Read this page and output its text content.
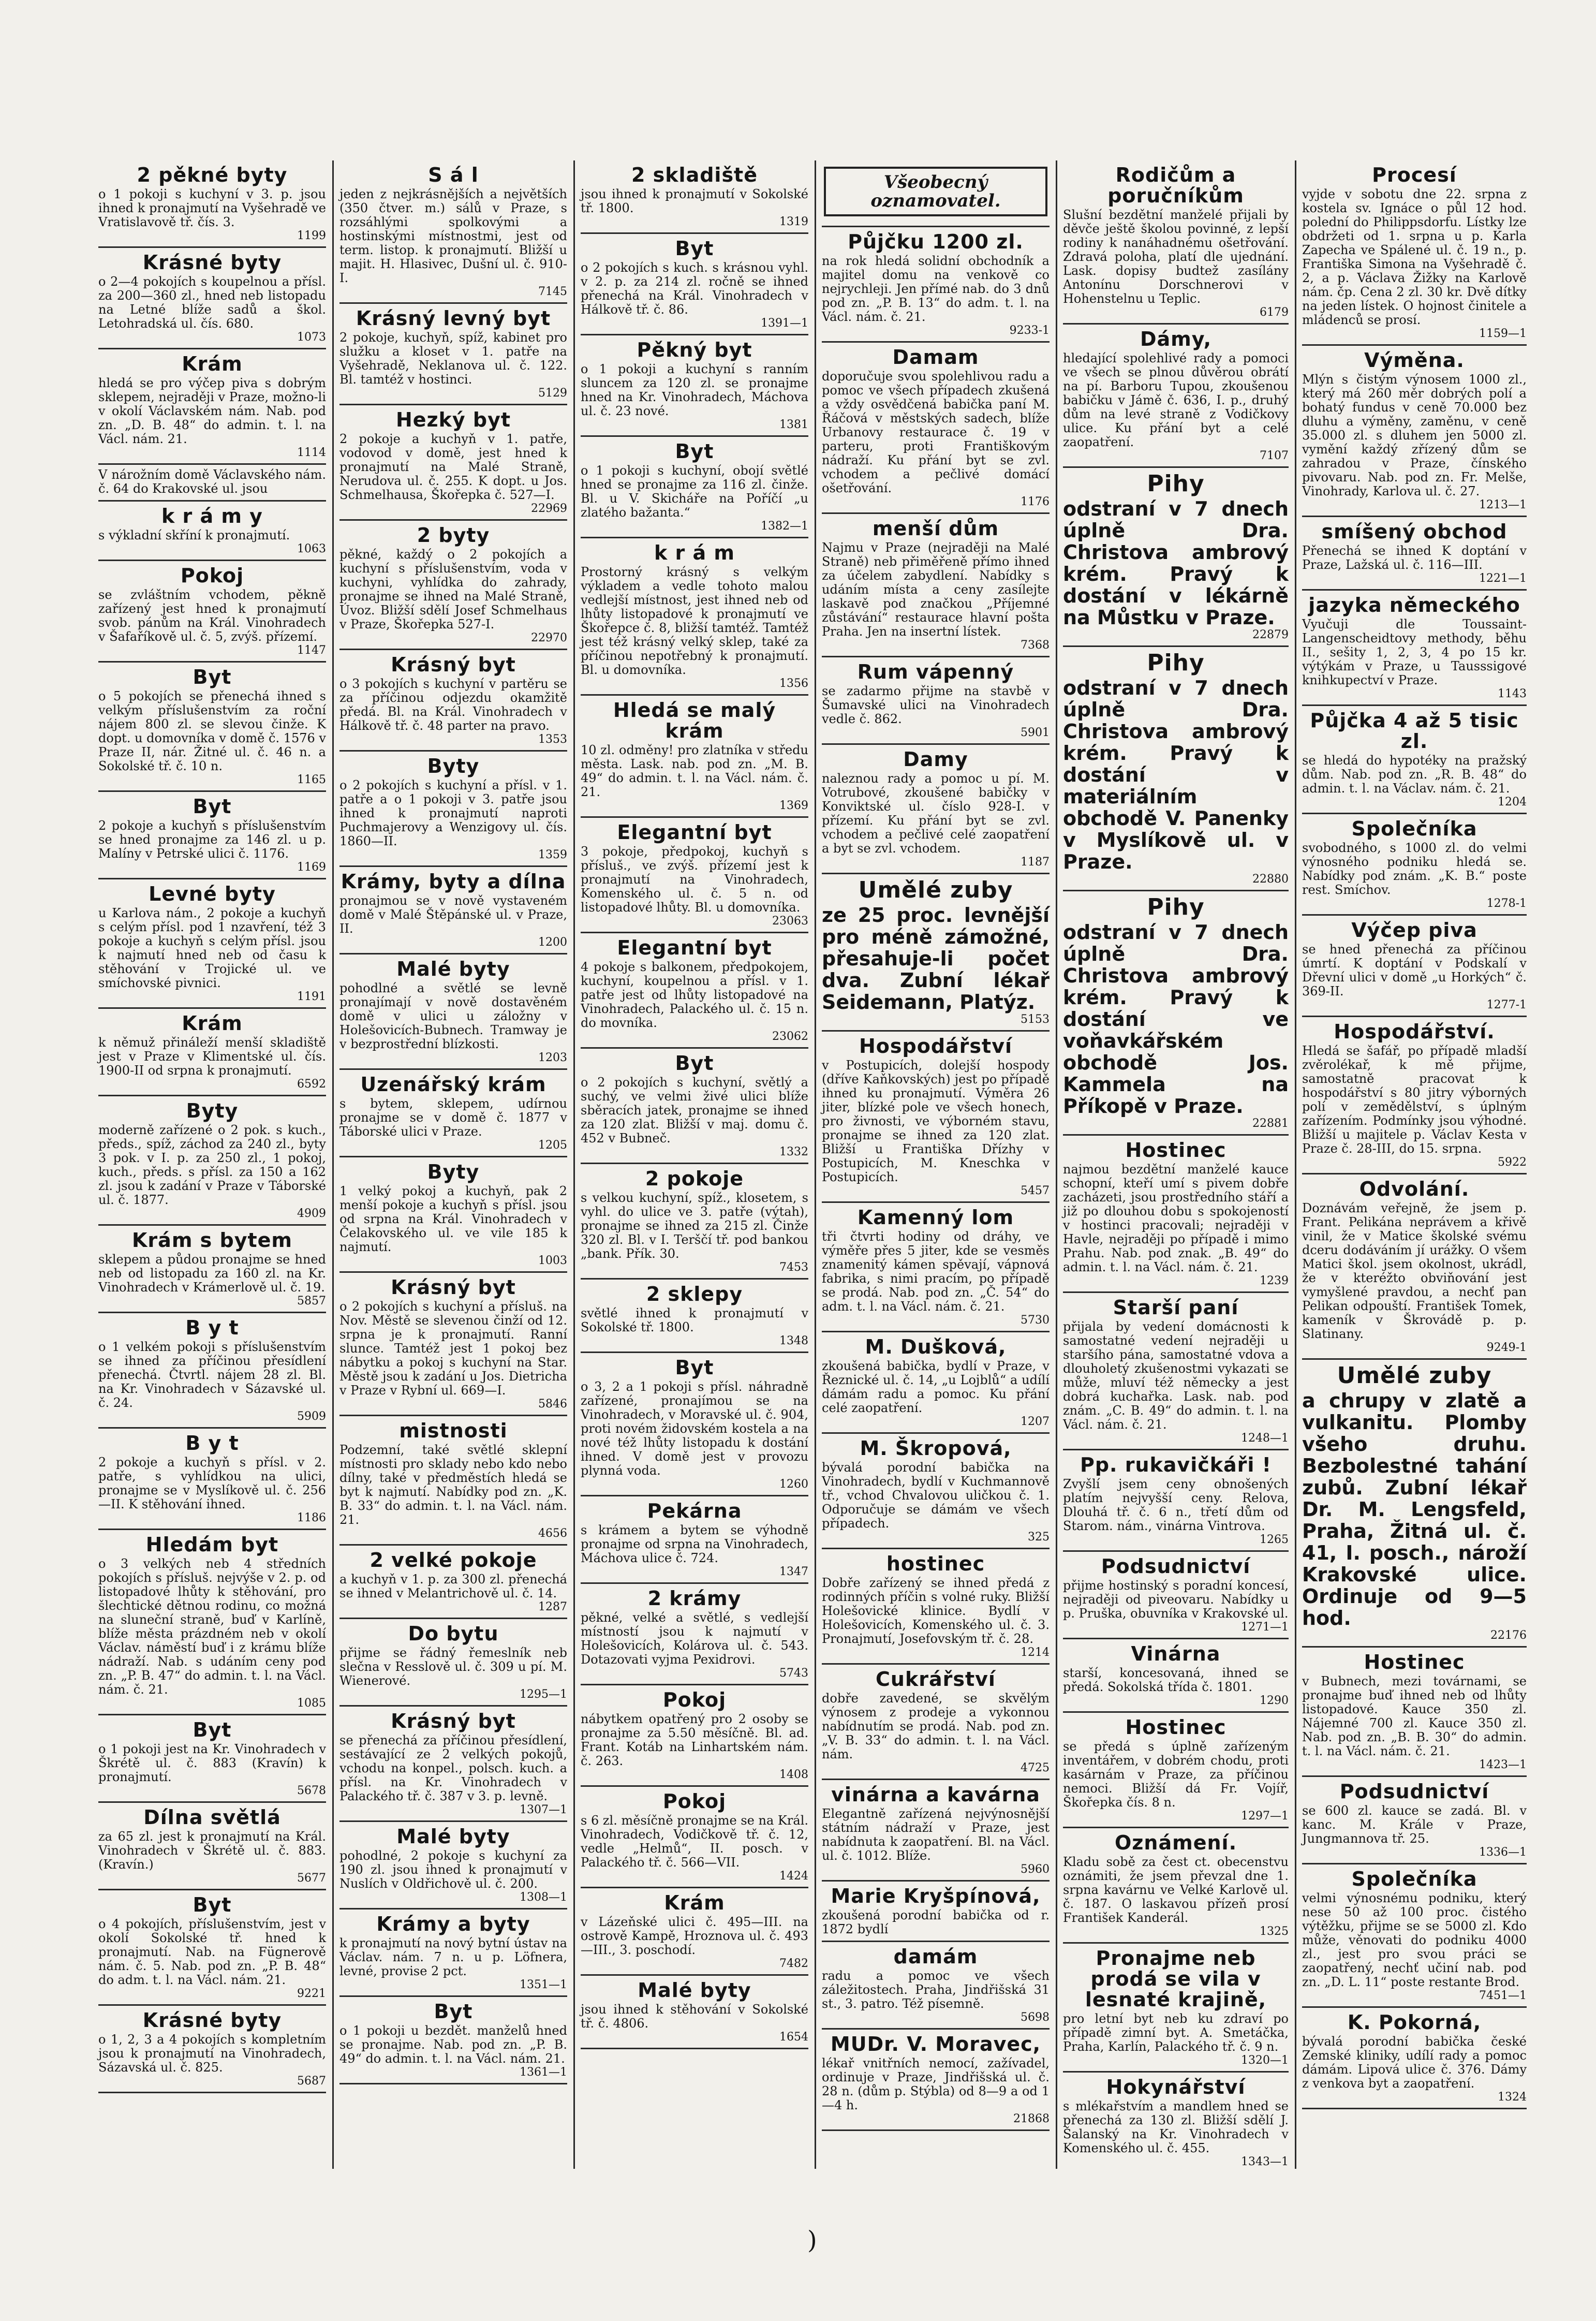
2 pěkné byty
o 1 pokoji s kuchyní v 3. p. jsou ihned k pronajmutí na Vyšehradě ve Vratislavově tř. čís. 3.
1199
Krásné byty
o 2—4 pokojích s koupelnou a přísl. za 200—360 zl., hned neb listopadu na Letné blíže sadů a škol. Letohradská ul. čís. 680.
1073
Krám
hledá se pro výčep piva s dobrým sklepem, nejraději v Praze, možno-li v okolí Václavském nám. Nab. pod zn. „D. B. 48“ do admin. t. l. na Václ. nám. 21.
1114
V nárožním domě Václavského nám. č. 64 do Krakovské ul. jsou
k r á m y
s výkladní skříní k pronajmutí.
1063
Pokoj
se zvláštním vchodem, pěkně zařízený jest hned k pronajmutí svob. pánům na Král. Vinohradech v Šafaříkově ul. č. 5, zvýš. přízemí.
1147
Byt
o 5 pokojích se přenechá ihned s velkým příslušenstvím za roční nájem 800 zl. se slevou činže. K dopt. u domovníka v domě č. 1576 v Praze II, nár. Žitné ul. č. 46 n. a Sokolské tř. č. 10 n.
1165
Byt
2 pokoje a kuchyň s příslušenstvím se hned pronajme za 146 zl. u p. Malíny v Petrské ulici č. 1176.
1169
Levné byty
u Karlova nám., 2 pokoje a kuchyň s celým přísl. pod 1 nzavření, též 3 pokoje a kuchyň s celým přísl. jsou k najmutí hned neb od času k stěhování v Trojické ul. ve smíchovské pivnici.
1191
Krám
k němuž přináleží menší skladiště jest v Praze v Klimentské ul. čís. 1900-II od srpna k pronajmutí.
6592
Byty
moderně zařízené o 2 pok. s kuch., předs., spíž, záchod za 240 zl., byty 3 pok. v I. p. za 250 zl., 1 pokoj, kuch., předs. s přísl. za 150 a 162 zl. jsou k zadání v Praze v Táborské ul. č. 1877.
4909
Krám s bytem
sklepem a půdou pronajme se hned neb od listopadu za 160 zl. na Kr. Vinohradech v Krámerlově ul. č. 19.
5857
B y t
o 1 velkém pokoji s příslušenstvím se ihned za příčinou přesídlení přenechá. Čtvrtl. nájem 28 zl. Bl. na Kr. Vinohradech v Sázavské ul. č. 24.
5909
B y t
2 pokoje a kuchyň s přísl. v 2. patře, s vyhlídkou na ulici, pronajme se v Myslíkově ul. č. 256—II. K stěhování ihned.
1186
Hledám byt
o 3 velkých neb 4 středních pokojích s přísluš. nejvýše v 2. p. od listopadové lhůty k stěhování, pro šlechtické dětnou rodinu, co možná na sluneční straně, buď v Karlíně, blíže města prázdném neb v okolí Václav. náměstí buď i z krámu blíže nádraží. Nab. s udáním ceny pod zn. „P. B. 47“ do admin. t. l. na Václ. nám. č. 21.
1085
Byt
o 1 pokoji jest na Kr. Vinohradech v Škrétě ul. č. 883 (Kravín) k pronajmutí.
5678
Dílna světlá
za 65 zl. jest k pronajmutí na Král. Vinohradech v Škrétě ul. č. 883. (Kravín.)
5677
Byt
o 4 pokojích, příslušenstvím, jest v okolí Sokolské tř. hned k pronajmutí. Nab. na Fügnerově nám. č. 5. Nab. pod zn. „P. B. 48“ do adm. t. l. na Václ. nám. 21.
9221
Krásné byty
o 1, 2, 3 a 4 pokojích s kompletním jsou k pronajmutí na Vinohradech, Sázavská ul. č. 825.
5687
S á l
jeden z nejkrásnějších a největších (350 čtver. m.) sálů v Praze, s rozsáhlými spolkovými a hostinskými místnostmi, jest od term. listop. k pronajmutí. Bližší u majit. H. Hlasivec, Dušní ul. č. 910-I.
7145
Krásný levný byt
2 pokoje, kuchyň, spíž, kabinet pro služku a kloset v 1. patře na Vyšehradě, Neklanova ul. č. 122. Bl. tamtéž v hostinci.
5129
Hezký byt
2 pokoje a kuchyň v 1. patře, vodovod v domě, jest hned k pronajmutí na Malé Straně, Nerudova ul. č. 255. K dopt. u Jos. Schmelhausa, Škořepka č. 527—I.
22969
2 byty
pěkné, každý o 2 pokojích a kuchyní s příslušenstvím, voda v kuchyni, vyhlídka do zahrady, pronajme se ihned na Malé Straně, Úvoz. Bližší sdělí Josef Schmelhaus v Praze, Škořepka 527-I.
22970
Krásný byt
o 3 pokojích s kuchyní v partěru se za příčinou odjezdu okamžitě předá. Bl. na Král. Vinohradech v Hálkově tř. č. 48 parter na pravo.
1353
Byty
o 2 pokojích s kuchyní a přísl. v 1. patře a o 1 pokoji v 3. patře jsou ihned k pronajmutí naproti Puchmajerovy a Wenzigovy ul. čís. 1860—II.
1359
Krámy, byty a dílna
pronajmou se v nově vystaveném domě v Malé Štěpánské ul. v Praze, II.
1200
Malé byty
pohodlné a světlé se levně pronajímají v nově dostavěném domě v ulici u záložny v Holešovicích-Bubnech. Tramway je v bezprostřední blízkosti.
1203
Uzenářský krám
s bytem, sklepem, udírnou pronajme se v domě č. 1877 v Táborské ulici v Praze.
1205
Byty
1 velký pokoj a kuchyň, pak 2 menší pokoje a kuchyň s přísl. jsou od srpna na Král. Vinohradech v Čelakovského ul. ve vile 185 k najmutí.
1003
Krásný byt
o 2 pokojích s kuchyní a přísluš. na Nov. Městě se slevenou činží od 12. srpna je k pronajmutí. Ranní slunce. Tamtéž jest 1 pokoj bez nábytku a pokoj s kuchyní na Star. Městě jsou k zadání u Jos. Dietricha v Praze v Rybní ul. 669—I.
5846
mistnosti
Podzemní, také světlé sklepní místnosti pro sklady nebo kdo nebo dílny, také v předměstích hledá se byt k najmutí. Nabídky pod zn. „K. B. 33“ do admin. t. l. na Václ. nám. 21.
4656
2 velké pokoje
a kuchyň v 1. p. za 300 zl. přenechá se ihned v Melantrichově ul. č. 14.
1287
Do bytu
přijme se řádný řemeslník neb slečna v Resslově ul. č. 309 u pí. M. Wienerové.
1295—1
Krásný byt
se přenechá za příčinou přesídlení, sestávající ze 2 velkých pokojů, vchodu na konpel., polsch. kuch. a přísl. na Kr. Vinohradech v Palackého tř. č. 387 v 3. p. levně.
1307—1
Malé byty
pohodlné, 2 pokoje s kuchyní za 190 zl. jsou ihned k pronajmutí v Nuslích v Oldřichově ul. č. 200.
1308—1
Krámy a byty
k pronajmutí na nový bytní ústav na Václav. nám. 7 n. u p. Löfnera, levné, provise 2 pct.
1351—1
Byt
o 1 pokoji u bezdět. manželů hned se pronajme. Nab. pod zn. „P. B. 49“ do admin. t. l. na Václ. nám. 21.
1361—1
2 skladiště
jsou ihned k pronajmutí v Sokolské tř. 1800.
1319
Byt
o 2 pokojích s kuch. s krásnou vyhl. v 2. p. za 214 zl. ročně se ihned přenechá na Král. Vinohradech v Hálkově tř. č. 86.
1391—1
Pěkný byt
o 1 pokoji a kuchyní s ranním sluncem za 120 zl. se pronajme hned na Kr. Vinohradech, Máchova ul. č. 23 nové.
1381
Byt
o 1 pokoji s kuchyní, obojí světlé hned se pronajme za 116 zl. činže. Bl. u V. Skicháře na Poříčí „u zlatého bažanta.“
1382—1
k r á m
Prostorný krásný s velkým výkladem a vedle tohoto malou vedlejší místnost, jest ihned neb od lhůty listopadové k pronajmutí ve Škořepce č. 8, bližší tamtéž. Tamtéž jest též krásný velký sklep, také za příčinou nepotřebný k pronajmutí. Bl. u domovníka.
1356
Hledá se malý krám
10 zl. odměny! pro zlatníka v středu města. Lask. nab. pod zn. „M. B. 49“ do admin. t. l. na Václ. nám. č. 21.
1369
Elegantní byt
3 pokoje, předpokoj, kuchyň s přísluš., ve zvýš. přízemí jest k pronajmutí na Vinohradech, Komenského ul. č. 5 n. od listopadové lhůty. Bl. u domovníka.
23063
Elegantní byt
4 pokoje s balkonem, předpokojem, kuchyní, koupelnou a přísl. v 1. patře jest od lhůty listopadové na Vinohradech, Palackého ul. č. 15 n. do movníka.
23062
Byt
o 2 pokojích s kuchyní, světlý a suchý, ve velmi živé ulici blíže sběracích jatek, pronajme se ihned za 120 zlat. Bližší v maj. domu č. 452 v Bubneč.
1332
2 pokoje
s velkou kuchyní, spíž., klosetem, s vyhl. do ulice ve 3. patře (výtah), pronajme se ihned za 215 zl. Činže 320 zl. Bl. v I. Terščí tř. pod bankou „bank. Přík. 30.
7453
2 sklepy
světlé ihned k pronajmutí v Sokolské tř. 1800.
1348
Byt
o 3, 2 a 1 pokoji s přísl. náhradně zařízené, pronajímou se na Vinohradech, v Moravské ul. č. 904, proti novém židovském kostela a na nové též lhůty listopadu k dostání ihned. V domě jest v provozu plynná voda.
1260
Pekárna
s krámem a bytem se výhodně pronajme od srpna na Vinohradech, Máchova ulice č. 724.
1347
2 krámy
pěkné, velké a světlé, s vedlejší místností jsou k najmutí v Holešovicích, Kolárova ul. č. 543. Dotazovati vyjma Pexidrovi.
5743
Pokoj
nábytkem opatřený pro 2 osoby se pronajme za 5.50 měsíčně. Bl. ad. Frant. Kotáb na Linhartském nám. č. 263.
1408
Pokoj
s 6 zl. měsíčně pronajme se na Král. Vinohradech, Vodičkově tř. č. 12, vedle „Helmů“, II. posch. v Palackého tř. č. 566—VII.
1424
Krám
v Lázeňské ulici č. 495—III. na ostrově Kampě, Hroznova ul. č. 493—III., 3. poschodí.
7482
Malé byty
jsou ihned k stěhování v Sokolské tř. č. 4806.
1654
Všeobecný oznamovatel.
Půjčku 1200 zl.
na rok hledá solidní obchodník a majitel domu na venkově co nejrychleji. Jen přímé nab. do 3 dnů pod zn. „P. B. 13“ do adm. t. l. na Václ. nám. č. 21.
9233-1
Damam
doporučuje svou spolehlivou radu a pomoc ve všech případech zkušená a vždy osvědčená babička paní M. Řáčová v městských sadech, blíže Urbanovy restaurace č. 19 v parteru, proti Františkovým nádraží. Ku přání byt se zvl. vchodem a pečlivé domácí ošetřování.
1176
menší dům
Najmu v Praze (nejraději na Malé Straně) neb přiměřeně přímo ihned za účelem zabydlení. Nabídky s udáním místa a ceny zasílejte laskavě pod značkou „Příjemné zůstávání“ restaurace hlavní pošta Praha. Jen na insertní lístek.
7368
Rum vápenný
se zadarmo přijme na stavbě v Šumavské ulici na Vinohradech vedle č. 862.
5901
Damy
naleznou rady a pomoc u pí. M. Votrubové, zkoušené babičky v Konviktské ul. číslo 928-I. v přízemí. Ku přání byt se zvl. vchodem a pečlivé celé zaopatření a byt se zvl. vchodem.
1187
Umělé zuby
ze 25 proc. levnější pro méně zámožné, přesahuje-li počet dva. Zubní lékař Seidemann, Platýz.
5153
Hospodářství
v Postupicích, dolejší hospody (dříve Kaňkovských) jest po případě ihned ku pronajmutí. Výměra 26 jiter, blízké pole ve všech honech, pro živnosti, ve výborném stavu, pronajme se ihned za 120 zlat. Bližší u Františka Dřízhy v Postupicích, M. Kneschka v Postupicích.
5457
Kamenný lom
tři čtvrti hodiny od dráhy, ve výměře přes 5 jiter, kde se vesměs znamenitý kámen spěvají, vápnová fabrika, s nimi pracím, po případě se prodá. Nab. pod zn. „Č. 54“ do adm. t. l. na Václ. nám. č. 21.
5730
M. Dušková,
zkoušená babička, bydlí v Praze, v Řeznické ul. č. 14, „u Lojblů“ a udílí dámám radu a pomoc. Ku přání celé zaopatření.
1207
M. Škropová,
bývalá porodní babička na Vinohradech, bydlí v Kuchmannově tř., vchod Chvalovou uličkou č. 1. Odporučuje se dámám ve všech případech.
325
hostinec
Dobře zařízený se ihned předá z rodinných příčin s volné ruky. Bližší Holešovické klinice. Bydlí v Holešovicích, Komenského ul. č. 3. Pronajmutí, Josefovským tř. č. 28.
1214
Cukrářství
dobře zavedené, se skvělým výnosem z prodeje a vykonnou nabídnutím se prodá. Nab. pod zn. „V. B. 33“ do admin. t. l. na Václ. nám.
4725
vinárna a kavárna
Elegantně zařízená nejvýnosnější státním nádraží v Praze, jest nabídnuta k zaopatření. Bl. na Václ. ul. č. 1012. Blíže.
5960
Marie Kryšpínová,
zkoušená porodní babička od r. 1872 bydlí
damám
radu a pomoc ve všech záležitostech. Praha, Jindřišská 31 st., 3. patro. Též písemně.
5698
MUDr. V. Moravec,
lékař vnitřních nemocí, zažívadel, ordinuje v Praze, Jindřišská ul. č. 28 n. (dům p. Stýbla) od 8—9 a od 1—4 h.
21868
Rodičům a poručníkům
Slušní bezdětní manželé přijali by děvče ještě školou povinné, z lepší rodiny k nanáhadnému ošetřování. Zdravá poloha, platí dle ujednání. Lask. dopisy budtež zasílány Antonínu Dorschnerovi v Hohenstelnu u Teplic.
6179
Dámy,
hledající spolehlivé rady a pomoci ve všech se plnou důvěrou obrátí na pí. Barboru Tupou, zkoušenou babičku v Jámě č. 636, I. p., druhý dům na levé straně z Vodičkovy ulice. Ku přání byt a celé zaopatření.
7107
Pihy
odstraní v 7 dnech úplně Dra. Christova ambrový krém. Pravý k dostání v lékárně na Můstku v Praze.
22879
Pihy
odstraní v 7 dnech úplně Dra. Christova ambrový krém. Pravý k dostání v materiálním obchodě V. Panenky v Myslíkově ul. v Praze.
22880
Pihy
odstraní v 7 dnech úplně Dra. Christova ambrový krém. Pravý k dostání ve voňavkářském obchodě Jos. Kammela na Příkopě v Praze.
22881
Hostinec
najmou bezdětní manželé kauce schopní, kteří umí s pivem dobře zacházeti, jsou prostředního stáří a již po dlouhou dobu s spokojeností v hostinci pracovali; nejraději v Havle, nejraději po případě i mimo Prahu. Nab. pod znak. „B. 49“ do admin. t. l. na Václ. nám. č. 21.
1239
Starší paní
přijala by vedení domácnosti k samostatné vedení nejraději u staršího pána, samostatné vdova a dlouholetý zkušenostmi vykazati se může, mluví též německy a jest dobrá kuchařka. Lask. nab. pod znám. „C. B. 49“ do admin. t. l. na Václ. nám. č. 21.
1248—1
Pp. rukavičkáři !
Zvyšlí jsem ceny obnošených platím nejvyšší ceny. Relova, Dlouhá tř. č. 6 n., třetí dům od Starom. nám., vinárna Vintrova.
1265
Podsudnictví
přijme hostinský s poradní koncesí, nejraději od piveovaru. Nabídky u p. Pruška, obuvníka v Krakovské ul.
1271—1
Vinárna
starší, koncesovaná, ihned se předá. Sokolská třída č. 1801.
1290
Hostinec
se předá s úplně zařízeným inventářem, v dobrém chodu, proti kasárnám v Praze, za příčinou nemoci. Bližší dá Fr. Vojíř, Škořepka čís. 8 n.
1297—1
Oznámení.
Kladu sobě za čest ct. obecenstvu oznámiti, že jsem převzal dne 1. srpna kavárnu ve Velké Karlově ul. č. 187. O laskavou přízeň prosí František Kanderál.
1325
Pronajme neb prodá se vila v lesnaté krajině,
pro letní byt neb ku zdraví po případě zimní byt. A. Smetáčka, Praha, Karlín, Palackého tř. č. 9 n.
1320—1
Hokynářství
s mlékařstvím a mandlem hned se přenechá za 130 zl. Bližší sdělí J. Šalanský na Kr. Vinohradech v Komenského ul. č. 455.
1343—1
Procesí
vyjde v sobotu dne 22. srpna z kostela sv. Ignáce o půl 12 hod. polední do Philippsdorfu. Lístky lze obdržeti od 1. srpna u p. Karla Zapecha ve Spálené ul. č. 19 n., p. Františka Simona na Vyšehradě č. 2, a p. Václava Žižky na Karlově nám. čp. Cena 2 zl. 30 kr. Dvě dítky na jeden lístek. O hojnost činitele a mládenců se prosí.
1159—1
Výměna.
Mlýn s čistým výnosem 1000 zl., který má 260 měr dobrých polí a bohatý fundus v ceně 70.000 bez dluhu a výměny, zaměnu, v ceně 35.000 zl. s dluhem jen 5000 zl. vymění každý zřízený dům se zahradou v Praze, čínského pivovaru. Nab. pod zn. Fr. Melše, Vinohrady, Karlova ul. č. 27.
1213—1
smíšený obchod
Přenechá se ihned K doptání v Praze, Lažská ul. č. 116—III.
1221—1
jazyka německého
Vyučuji dle Toussaint-Langenscheidtovy methody, běhu II., sešity 1, 2, 3, 4 po 15 kr. výtýkám v Praze, u Tausssigové knihkupectví v Praze.
1143
Půjčka 4 až 5 tisic zl.
se hledá do hypotéky na pražský dům. Nab. pod zn. „R. B. 48“ do admin. t. l. na Václav. nám. č. 21.
1204
Společníka
svobodného, s 1000 zl. do velmi výnosného podniku hledá se. Nabídky pod znám. „K. B.“ poste rest. Smíchov.
1278-1
Výčep piva
se hned přenechá za příčinou úmrtí. K doptání v Podskalí v Dřevní ulici v domě „u Horkých“ č. 369-II.
1277-1
Hospodářství.
Hledá se šafář, po případě mladší zvěrolékař, k mě přijme, samostatně pracovat k hospodářství s 80 jitry výborných polí v zemědělství, s úplným zařízením. Podmínky jsou výhodné. Bližší u majitele p. Václav Kesta v Praze č. 28-III, do 15. srpna.
5922
Odvolání.
Doznávám veřejně, že jsem p. Frant. Pelikána neprávem a křivě vinil, že v Matice školské svému dceru dodáváním jí urážky. O všem Matici škol. jsem okolnost, ukrádl, že v kteréžto obviňování jest vymyšlené pravdou, a nechť pan Pelikan odpouští. František Tomek, kameník v Škrovádě p. p. Slatinany.
9249-1
Umělé zuby
a chrupy v zlatě a vulkanitu. Plomby všeho druhu. Bezbolestné tahání zubů. Zubní lékař Dr. M. Lengsfeld, Praha, Žitná ul. č. 41, I. posch., nároží Krakovské ulice. Ordinuje od 9—5 hod.
22176
Hostinec
v Bubnech, mezi továrnami, se pronajme buď ihned neb od lhůty listopadové. Kauce 350 zl. Nájemné 700 zl. Kauce 350 zl. Nab. pod zn. „B. B. 30“ do admin. t. l. na Václ. nám. č. 21.
1423—1
Podsudnictví
se 600 zl. kauce se zadá. Bl. v kanc. M. Krále v Praze, Jungmannova tř. 25.
1336—1
Společníka
velmi výnosnému podniku, který nese 50 až 100 proc. čistého výtěžku, přijme se se 5000 zl. Kdo může, věnovati do podniku 4000 zl., jest pro svou práci se zaopatřený, nechť učiní nab. pod zn. „D. L. 11“ poste restante Brod.
7451—1
K. Pokorná,
bývalá porodní babička české Zemské kliniky, udílí rady a pomoc dámám. Lipová ulice č. 376. Dámy z venkova byt a zaopatření.
1324
)
